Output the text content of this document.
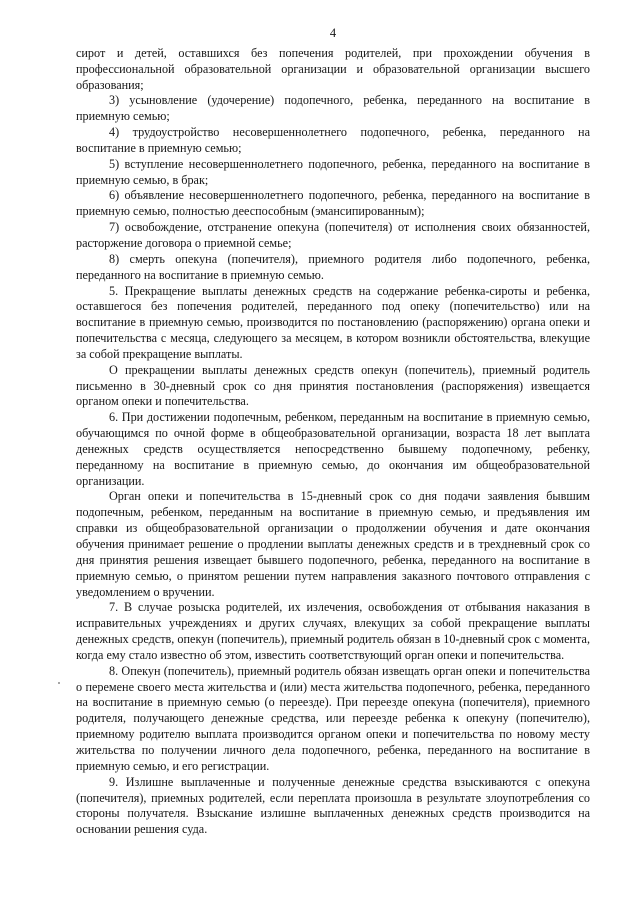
4

сирот и детей, оставшихся без попечения родителей, при прохождении обучения в профессиональной образовательной организации и образовательной организации высшего образования;

3) усыновление (удочерение) подопечного, ребенка, переданного на воспитание в приемную семью;

4) трудоустройство несовершеннолетнего подопечного, ребенка, переданного на воспитание в приемную семью;

5) вступление несовершеннолетнего подопечного, ребенка, переданного на воспитание в приемную семью, в брак;

6) объявление несовершеннолетнего подопечного, ребенка, переданного на воспитание в приемную семью, полностью дееспособным (эмансипированным);

7) освобождение, отстранение опекуна (попечителя) от исполнения своих обязанностей, расторжение договора о приемной семье;

8) смерть опекуна (попечителя), приемного родителя либо подопечного, ребенка, переданного на воспитание в приемную семью.

5. Прекращение выплаты денежных средств на содержание ребенка-сироты и ребенка, оставшегося без попечения родителей, переданного под опеку (попечительство) или на воспитание в приемную семью, производится по постановлению (распоряжению) органа опеки и попечительства с месяца, следующего за месяцем, в котором возникли обстоятельства, влекущие за собой прекращение выплаты.

О прекращении выплаты денежных средств опекун (попечитель), приемный родитель письменно в 30-дневный срок со дня принятия постановления (распоряжения) извещается органом опеки и попечительства.

6. При достижении подопечным, ребенком, переданным на воспитание в приемную семью, обучающимся по очной форме в общеобразовательной организации, возраста 18 лет выплата денежных средств осуществляется непосредственно бывшему подопечному, ребенку, переданному на воспитание в приемную семью, до окончания им общеобразовательной организации.

Орган опеки и попечительства в 15-дневный срок со дня подачи заявления бывшим подопечным, ребенком, переданным на воспитание в приемную семью, и предъявления им справки из общеобразовательной организации о продолжении обучения и дате окончания обучения принимает решение о продлении выплаты денежных средств и в трехдневный срок со дня принятия решения извещает бывшего подопечного, ребенка, переданного на воспитание в приемную семью, о принятом решении путем направления заказного почтового отправления с уведомлением о вручении.

7. В случае розыска родителей, их излечения, освобождения от отбывания наказания в исправительных учреждениях и других случаях, влекущих за собой прекращение выплаты денежных средств, опекун (попечитель), приемный родитель обязан в 10-дневный срок с момента, когда ему стало известно об этом, известить соответствующий орган опеки и попечительства.

8. Опекун (попечитель), приемный родитель обязан извещать орган опеки и попечительства о перемене своего места жительства и (или) места жительства подопечного, ребенка, переданного на воспитание в приемную семью (о переезде). При переезде опекуна (попечителя), приемного родителя, получающего денежные средства, или переезде ребенка к опекуну (попечителю), приемному родителю выплата производится органом опеки и попечительства по новому месту жительства по получении личного дела подопечного, ребенка, переданного на воспитание в приемную семью, и его регистрации.

9. Излишне выплаченные и полученные денежные средства взыскиваются с опекуна (попечителя), приемных родителей, если переплата произошла в результате злоупотребления со стороны получателя. Взыскание излишне выплаченных денежных средств производится на основании решения суда.
